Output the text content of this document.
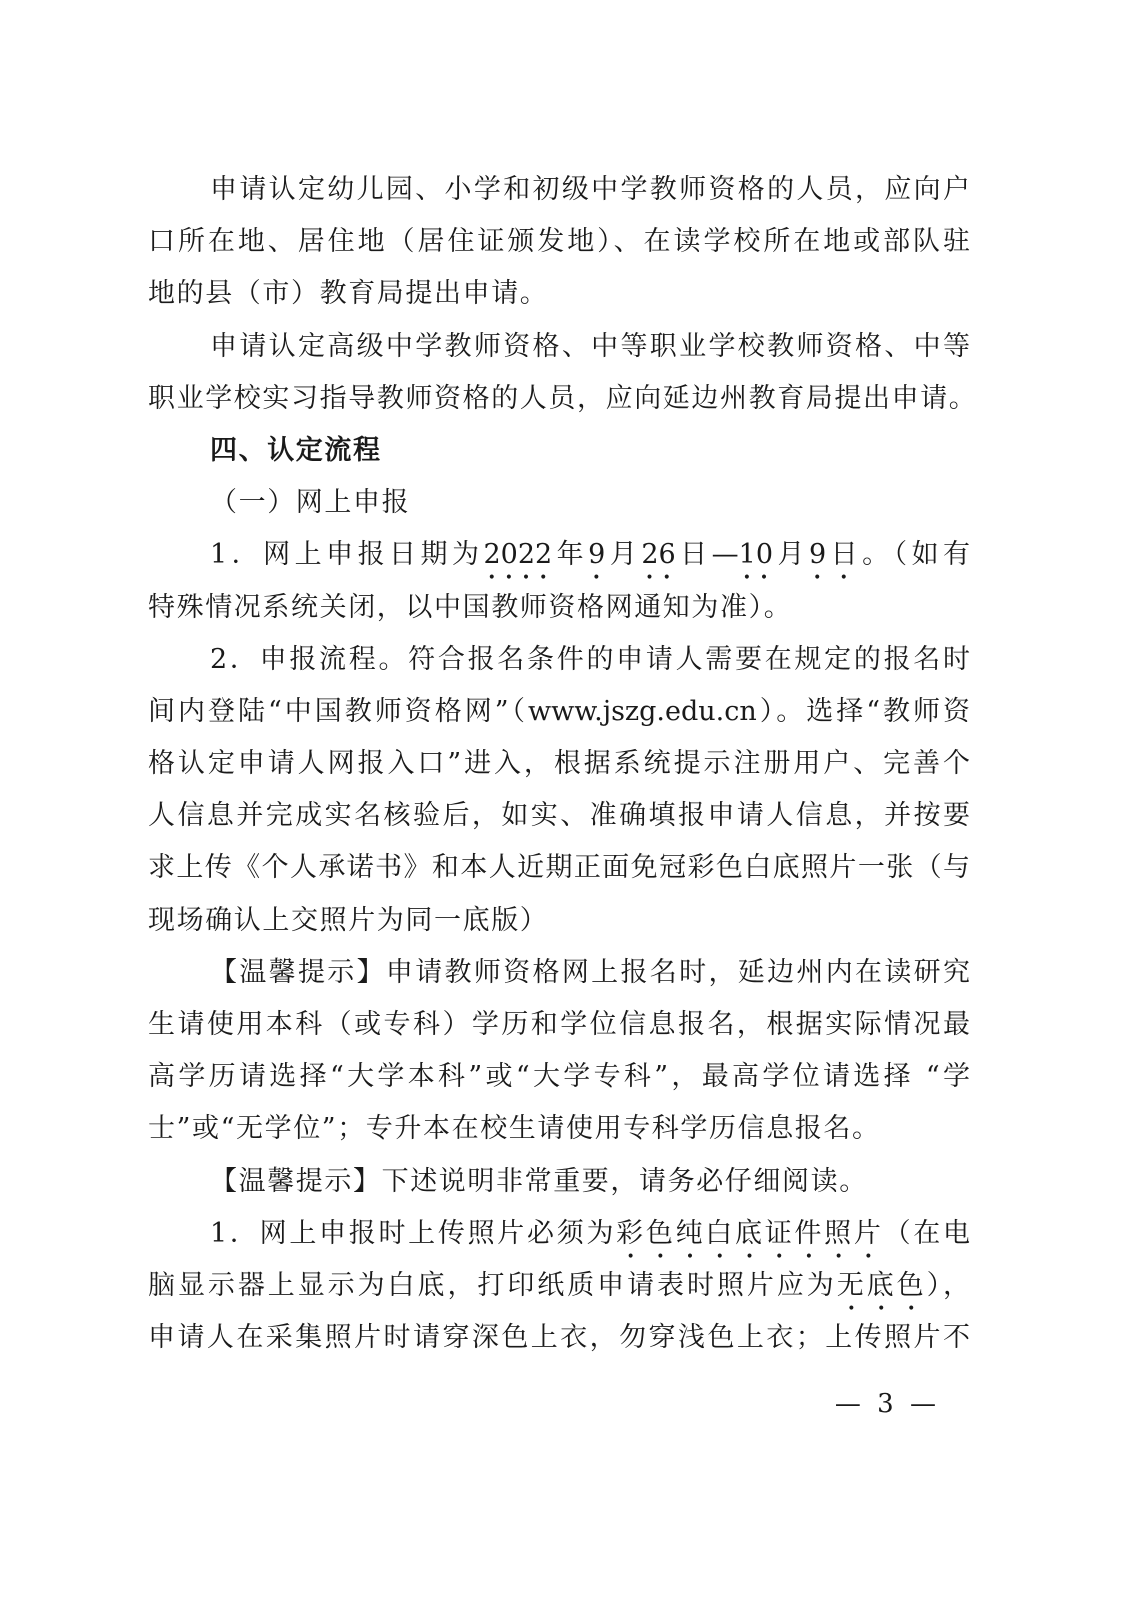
申请认定幼儿园、小学和初级中学教师资格的人员，应向户
口所在地、居住地（居住证颁发地）、在读学校所在地或部队驻
地的县（市）教育局提出申请。
申请认定高级中学教师资格、中等职业学校教师资格、中等
职业学校实习指导教师资格的人员，应向延边州教育局提出申请。
四、认定流程
（一）网上申报
1．网上申报日期为2022年9月26日—10月9日。（如有
特殊情况系统关闭，以中国教师资格网通知为准）。
2．申报流程。符合报名条件的申请人需要在规定的报名时
间内登陆“中国教师资格网”（www.jszg.edu.cn）。选择“教师资
格认定申请人网报入口”进入，根据系统提示注册用户、完善个
人信息并完成实名核验后，如实、准确填报申请人信息，并按要
求上传《个人承诺书》和本人近期正面免冠彩色白底照片一张（与
现场确认上交照片为同一底版）
【温馨提示】申请教师资格网上报名时，延边州内在读研究
生请使用本科（或专科）学历和学位信息报名，根据实际情况最
高学历请选择“大学本科”或“大学专科”，最高学位请选择 “学
士”或“无学位”；专升本在校生请使用专科学历信息报名。
【温馨提示】下述说明非常重要，请务必仔细阅读。
1．网上申报时上传照片必须为彩色纯白底证件照片（在电
脑显示器上显示为白底，打印纸质申请表时照片应为无底色），
申请人在采集照片时请穿深色上衣，勿穿浅色上衣；上传照片不
— 3 —
